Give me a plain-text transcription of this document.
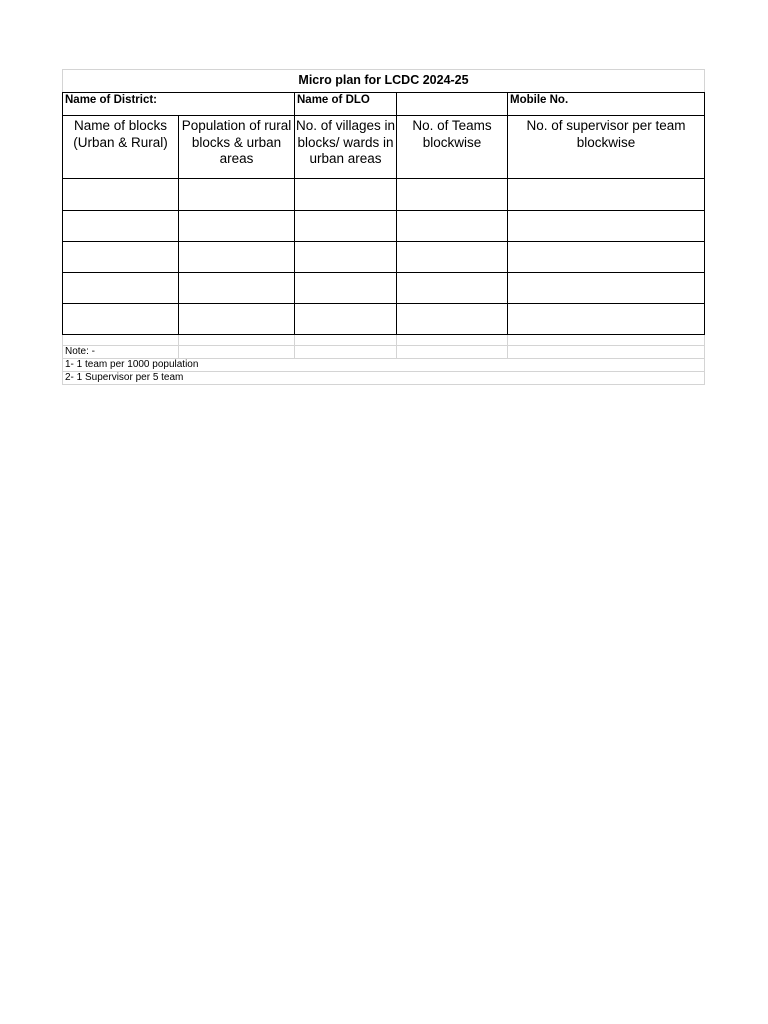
Micro plan for LCDC 2024-25				
Name of District:		Name of DLO		Mobile No.

Name of blocks (Urban & Rural)	Population of rural blocks & urban areas	No. of villages in blocks/ wards in urban areas	No. of Teams blockwise	No. of supervisor per team blockwise

Note: -				
1- 1 team per 1000 population				
2- 1 Supervisor per 5 team				
